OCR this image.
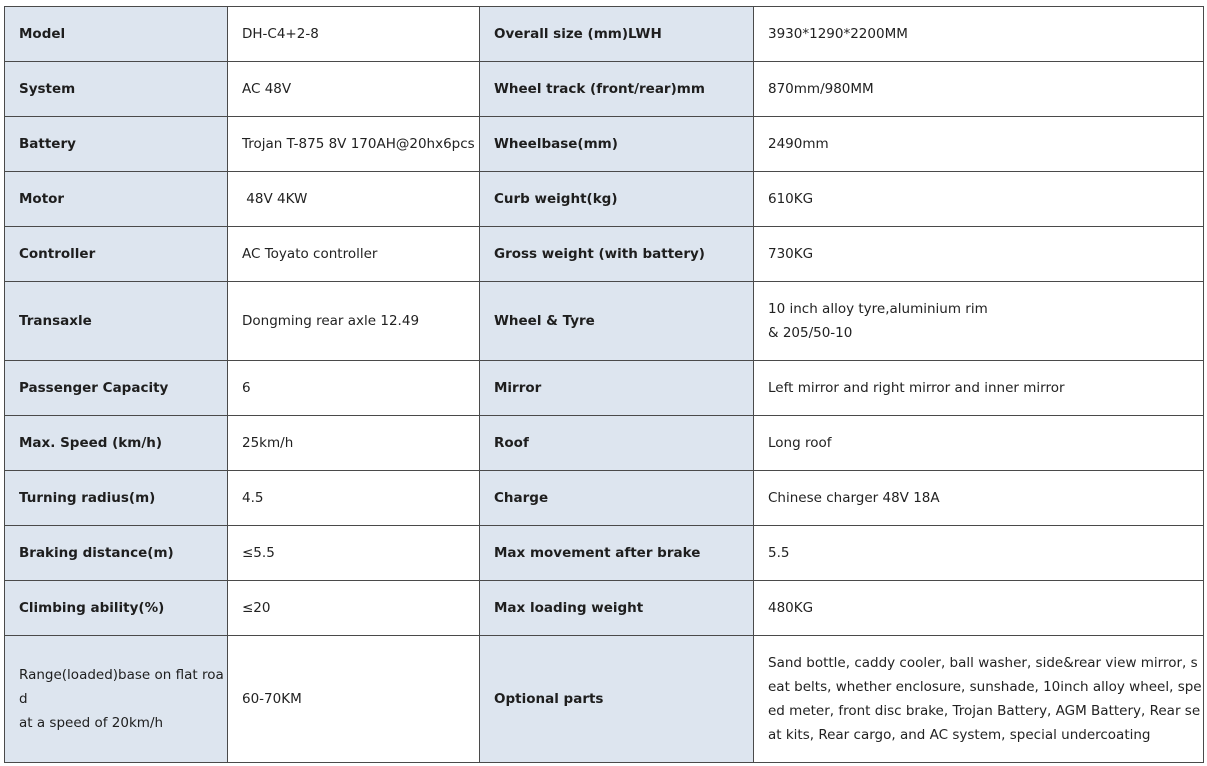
Model	DH-C4+2-8	Overall size (mm)LWH	3930*1290*2200MM
System	AC 48V	Wheel track (front/rear)mm	870mm/980MM
Battery	Trojan T-875 8V 170AH@20hx6pcs	Wheelbase(mm)	2490mm
Motor	48V 4KW	Curb weight(kg)	610KG
Controller	AC Toyato controller	Gross weight (with battery)	730KG
Transaxle	Dongming rear axle 12.49	Wheel & Tyre	10 inch alloy tyre,aluminium rim
& 205/50-10
Passenger Capacity	6	Mirror	Left mirror and right mirror and inner mirror
Max. Speed (km/h)	25km/h	Roof	Long roof
Turning radius(m)	4.5	Charge	Chinese charger 48V 18A
Braking distance(m)	≤5.5	Max movement after brake	5.5
Climbing ability(%)	≤20	Max loading weight	480KG
Range(loaded)base on flat road
at a speed of 20km/h	60-70KM	Optional parts	Sand bottle, caddy cooler, ball washer, side&rear view mirror, seat belts, whether enclosure, sunshade, 10inch alloy wheel, speed meter, front disc brake, Trojan Battery, AGM Battery, Rear seat kits, Rear cargo, and AC system, special undercoating
